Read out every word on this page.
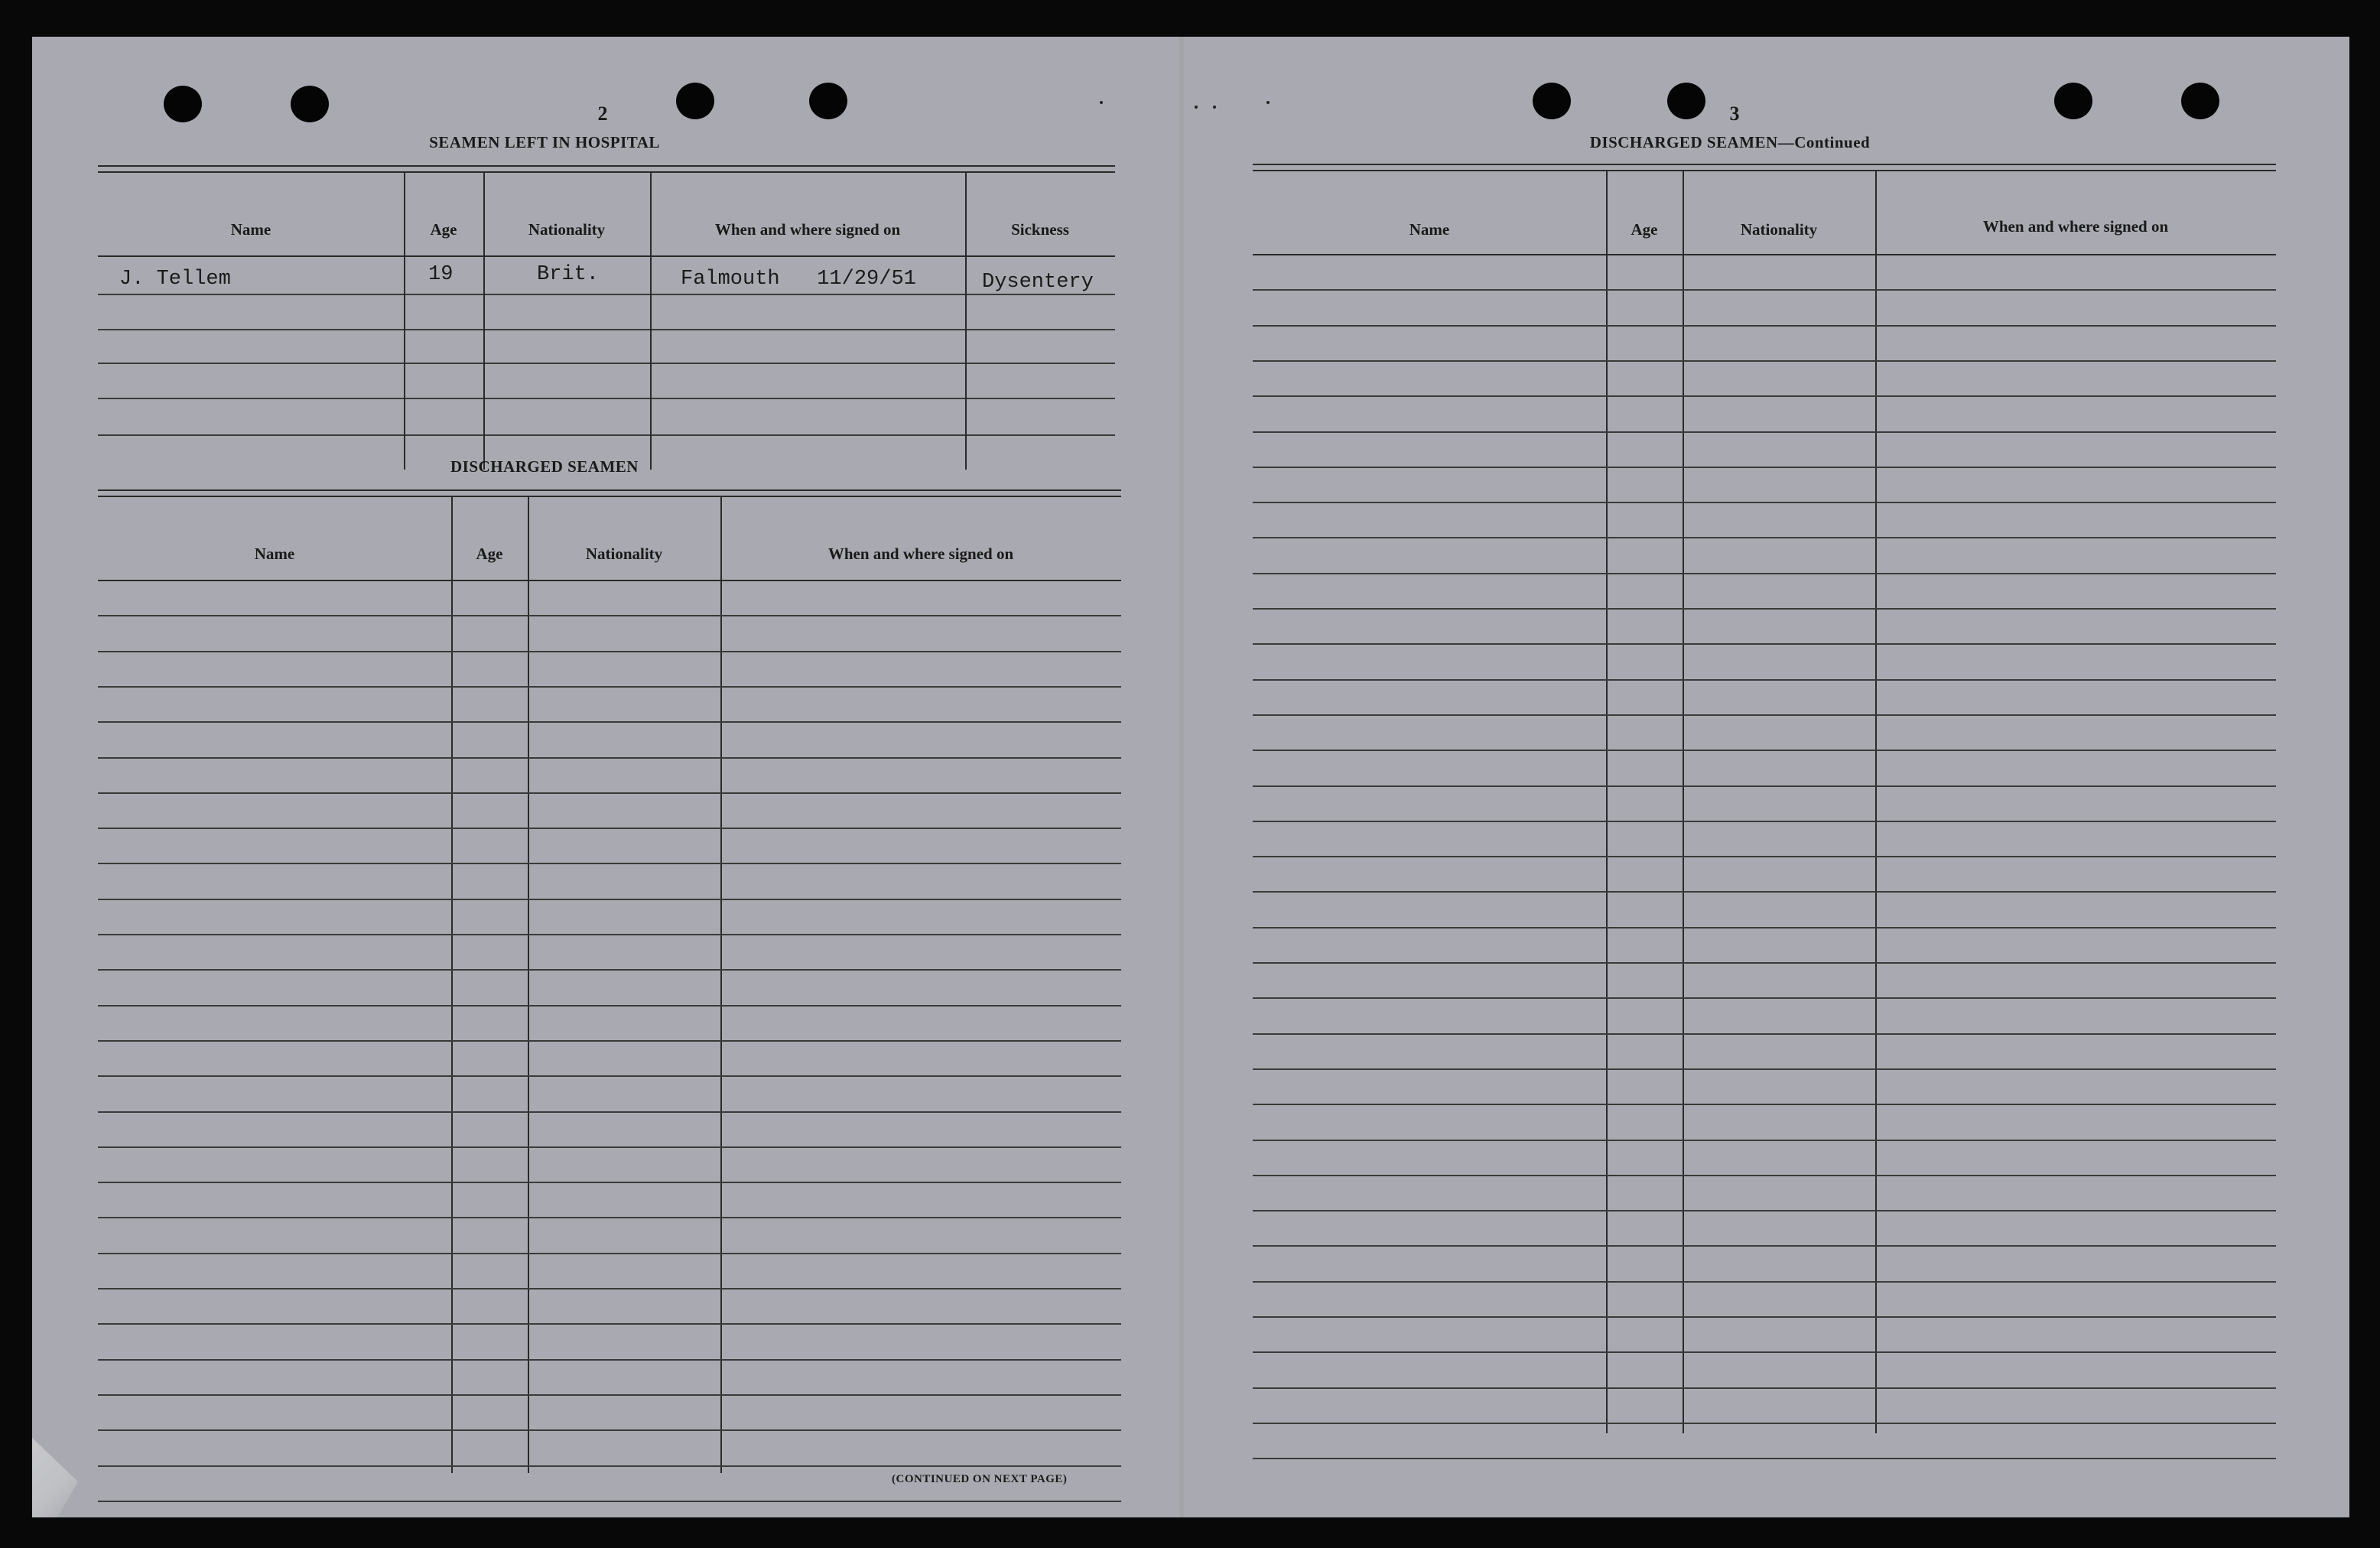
2
SEAMEN LEFT IN HOSPITAL
Name	Age	Nationality	When and where signed on	Sickness
J. Tellem	19	Brit.	Falmouth   11/29/51	Dysentery
DISCHARGED SEAMEN
Name	Age	Nationality	When and where signed on
(CONTINUED ON NEXT PAGE)
3
DISCHARGED SEAMEN—Continued
Name	Age	Nationality	When and where signed on
